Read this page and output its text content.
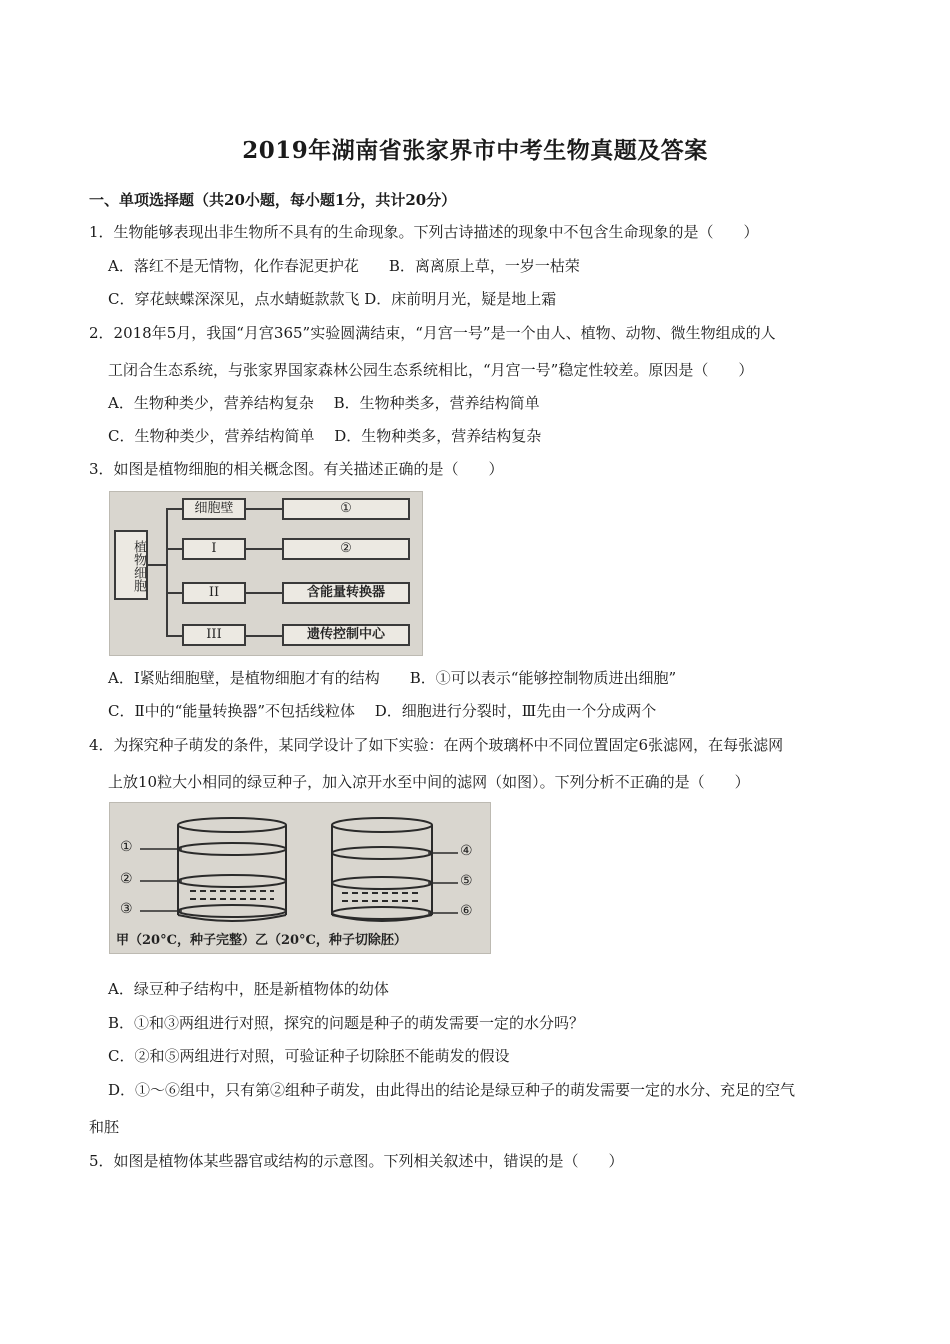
2019年湖南省张家界市中考生物真题及答案
一、单项选择题（共20小题，每小题1分，共计20分）
1．生物能够表现出非生物所不具有的生命现象。下列古诗描述的现象中不包含生命现象的是（　　）
A．落红不是无情物，化作春泥更护花　　B．离离原上草，一岁一枯荣
C．穿花蛱蝶深深见，点水蜻蜓款款飞 D．床前明月光，疑是地上霜
2．2018年5月，我国“月宫365”实验圆满结束，“月宫一号”是一个由人、植物、动物、微生物组成的人
工闭合生态系统，与张家界国家森林公园生态系统相比，“月宫一号”稳定性较差。原因是（　　）
A．生物种类少，营养结构复杂　 B．生物种类多，营养结构简单
C．生物种类少，营养结构简单　 D．生物种类多，营养结构复杂
3．如图是植物细胞的相关概念图。有关描述正确的是（　　）
植物细胞
细胞壁
I
II
III
①
②
含能量转换器
遗传控制中心
A．Ⅰ紧贴细胞壁，是植物细胞才有的结构　　B．①可以表示“能够控制物质进出细胞”
C．Ⅱ中的“能量转换器”不包括线粒体　 D．细胞进行分裂时，Ⅲ先由一个分成两个
4．为探究种子萌发的条件，某同学设计了如下实验：在两个玻璃杯中不同位置固定6张滤网，在每张滤网
上放10粒大小相同的绿豆种子，加入凉开水至中间的滤网（如图）。下列分析不正确的是（　　）
①
②
③
④
⑤
⑥
甲（20°C，种子完整）乙（20°C，种子切除胚）
A．绿豆种子结构中，胚是新植物体的幼体
B．①和③两组进行对照，探究的问题是种子的萌发需要一定的水分吗？
C．②和⑤两组进行对照，可验证种子切除胚不能萌发的假设
D．①～⑥组中，只有第②组种子萌发，由此得出的结论是绿豆种子的萌发需要一定的水分、充足的空气
和胚
5．如图是植物体某些器官或结构的示意图。下列相关叙述中，错误的是（　　）
